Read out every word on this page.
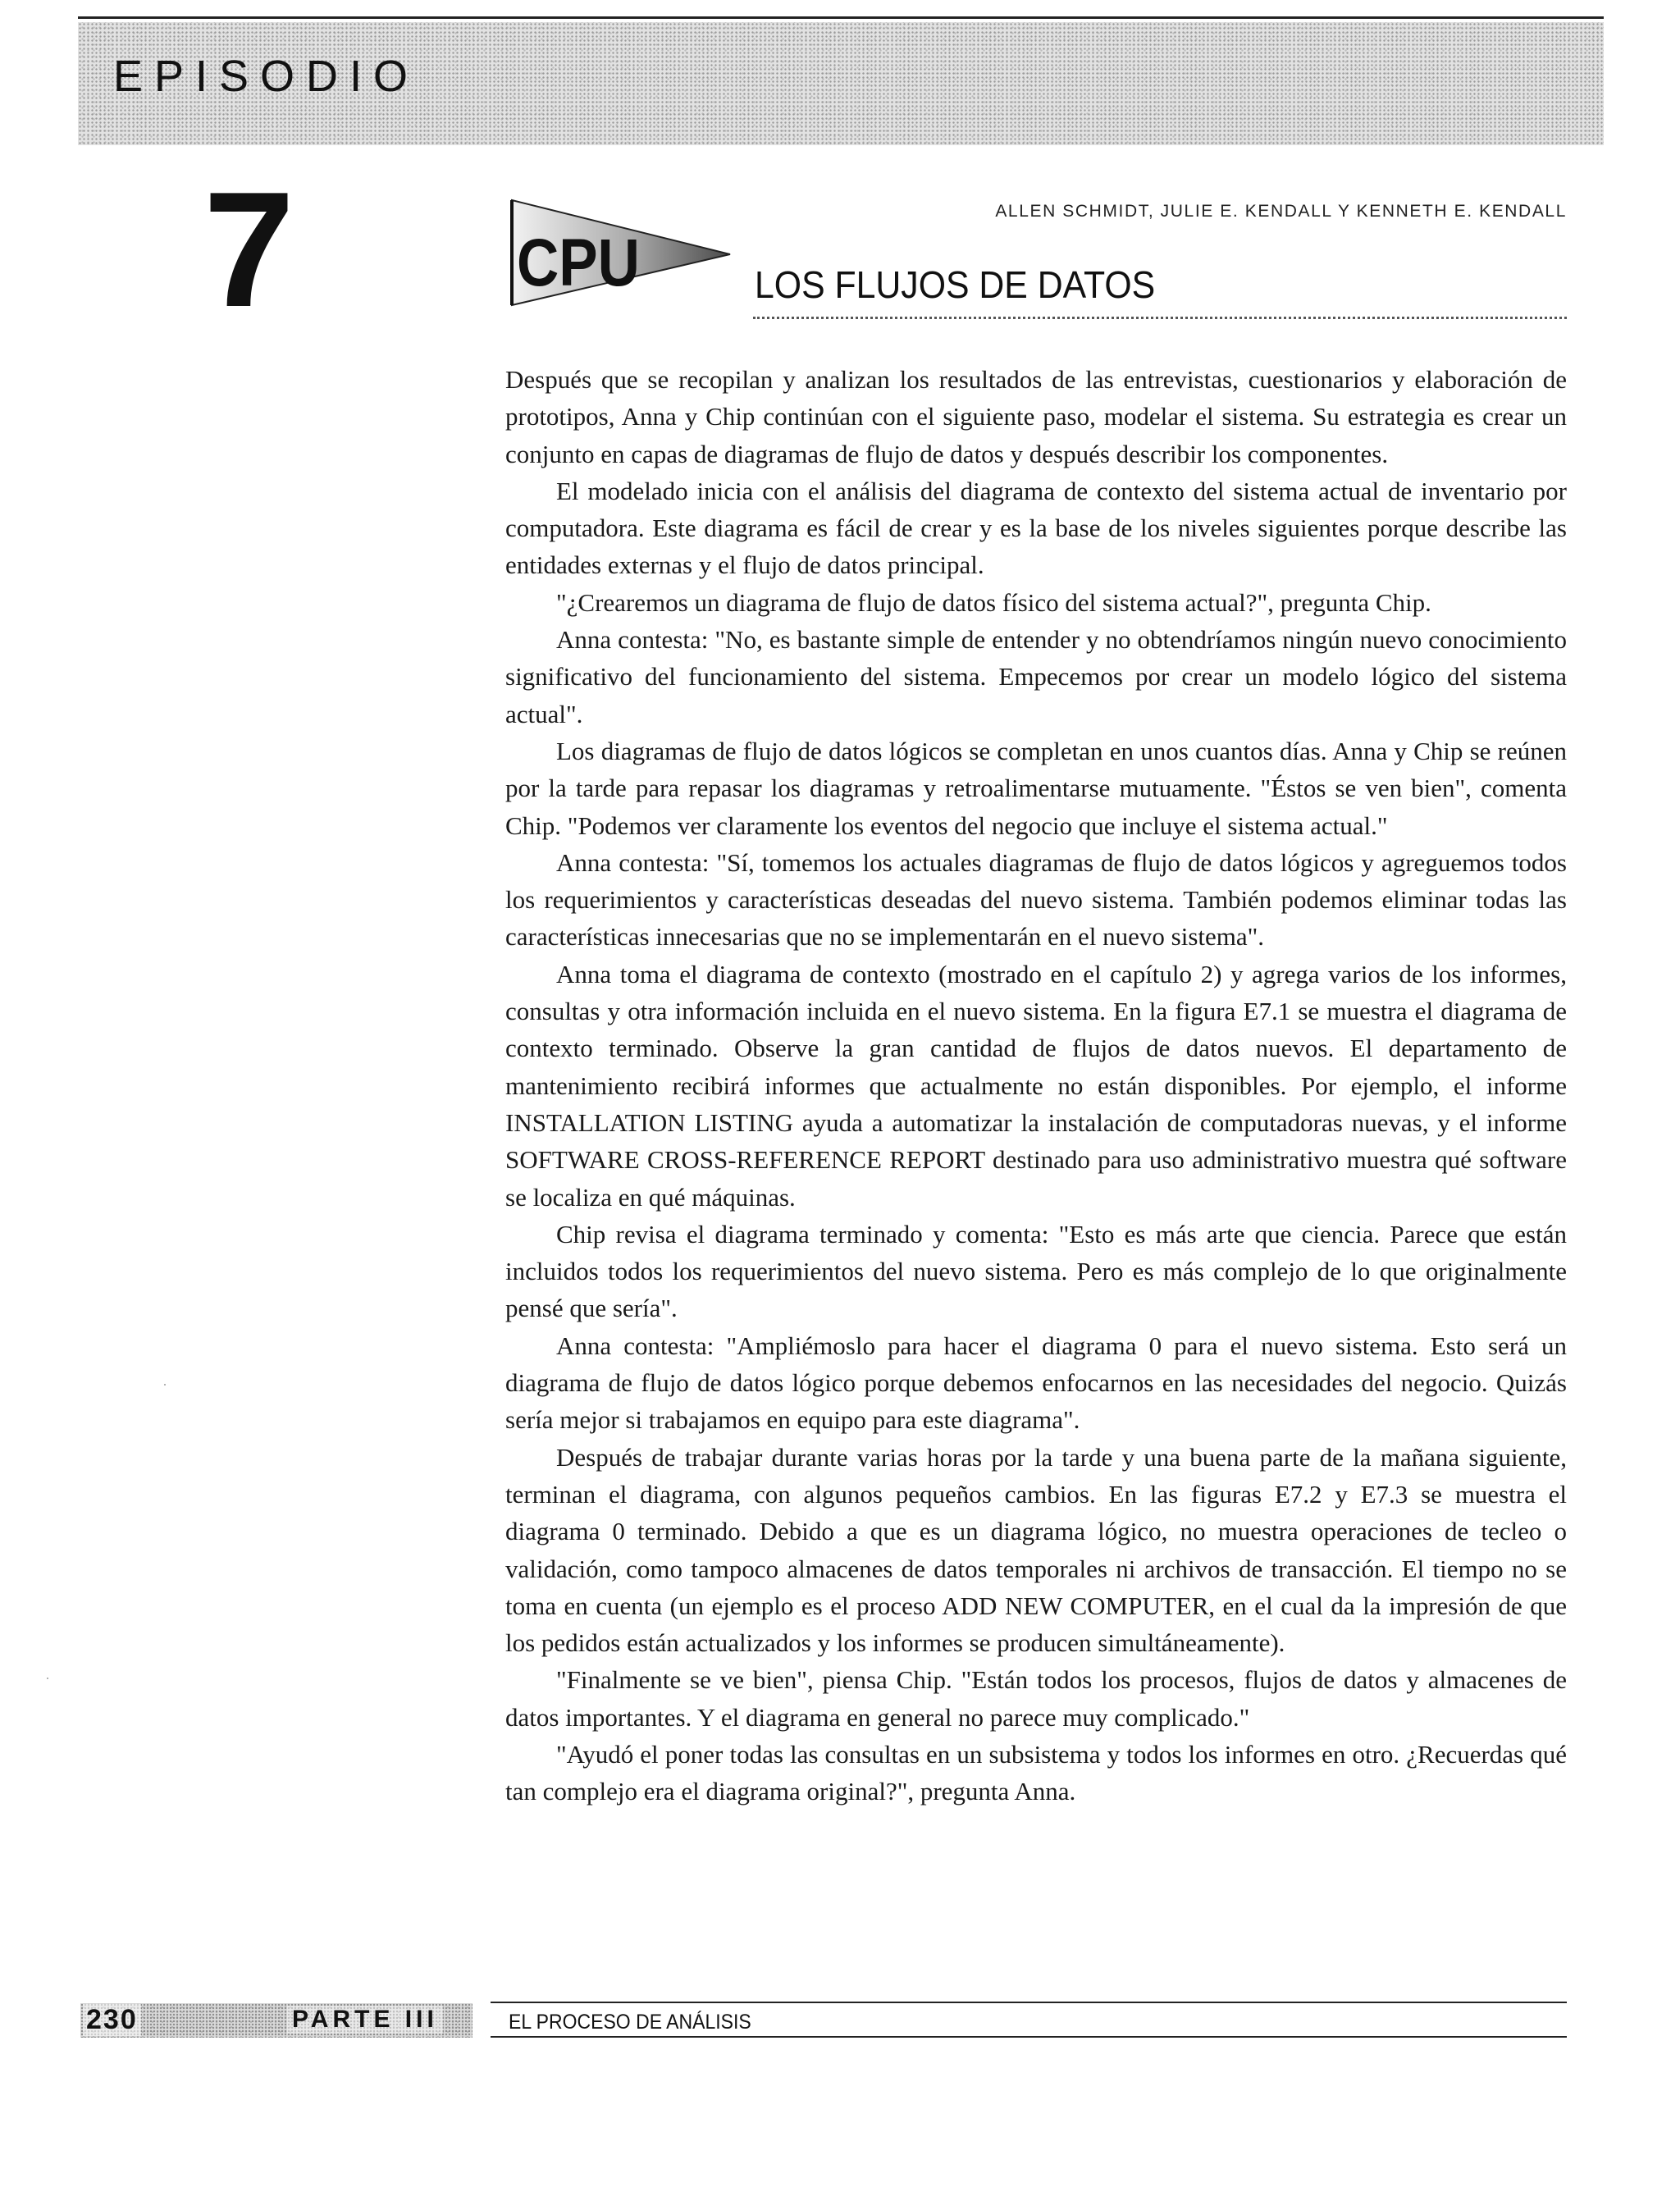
EPISODIO
7	CPU

ALLEN SCHMIDT, JULIE E. KENDALL Y KENNETH E. KENDALL

LOS FLUJOS DE DATOS

Después que se recopilan y analizan los resultados de las entrevistas, cuestionarios y elaboración de prototipos, Anna y Chip continúan con el siguiente paso, modelar el sistema. Su estrategia es crear un conjunto en capas de diagramas de flujo de datos y después describir los componentes.

El modelado inicia con el análisis del diagrama de contexto del sistema actual de inventario por computadora. Este diagrama es fácil de crear y es la base de los niveles siguientes porque describe las entidades externas y el flujo de datos principal.

"¿Crearemos un diagrama de flujo de datos físico del sistema actual?", pregunta Chip.

Anna contesta: "No, es bastante simple de entender y no obtendríamos ningún nuevo conocimiento significativo del funcionamiento del sistema. Empecemos por crear un modelo lógico del sistema actual".

Los diagramas de flujo de datos lógicos se completan en unos cuantos días. Anna y Chip se reúnen por la tarde para repasar los diagramas y retroalimentarse mutuamente. "Éstos se ven bien", comenta Chip. "Podemos ver claramente los eventos del negocio que incluye el sistema actual."

Anna contesta: "Sí, tomemos los actuales diagramas de flujo de datos lógicos y agreguemos todos los requerimientos y características deseadas del nuevo sistema. También podemos eliminar todas las características innecesarias que no se implementarán en el nuevo sistema".

Anna toma el diagrama de contexto (mostrado en el capítulo 2) y agrega varios de los informes, consultas y otra información incluida en el nuevo sistema. En la figura E7.1 se muestra el diagrama de contexto terminado. Observe la gran cantidad de flujos de datos nuevos. El departamento de mantenimiento recibirá informes que actualmente no están disponibles. Por ejemplo, el informe INSTALLATION LISTING ayuda a automatizar la instalación de computadoras nuevas, y el informe SOFTWARE CROSS-REFERENCE REPORT destinado para uso administrativo muestra qué software se localiza en qué máquinas.

Chip revisa el diagrama terminado y comenta: "Esto es más arte que ciencia. Parece que están incluidos todos los requerimientos del nuevo sistema. Pero es más complejo de lo que originalmente pensé que sería".

Anna contesta: "Ampliémoslo para hacer el diagrama 0 para el nuevo sistema. Esto será un diagrama de flujo de datos lógico porque debemos enfocarnos en las necesidades del negocio. Quizás sería mejor si trabajamos en equipo para este diagrama".

Después de trabajar durante varias horas por la tarde y una buena parte de la mañana siguiente, terminan el diagrama, con algunos pequeños cambios. En las figuras E7.2 y E7.3 se muestra el diagrama 0 terminado. Debido a que es un diagrama lógico, no muestra operaciones de tecleo o validación, como tampoco almacenes de datos temporales ni archivos de transacción. El tiempo no se toma en cuenta (un ejemplo es el proceso ADD NEW COMPUTER, en el cual da la impresión de que los pedidos están actualizados y los informes se producen simultáneamente).

"Finalmente se ve bien", piensa Chip. "Están todos los procesos, flujos de datos y almacenes de datos importantes. Y el diagrama en general no parece muy complicado."

"Ayudó el poner todas las consultas en un subsistema y todos los informes en otro. ¿Recuerdas qué tan complejo era el diagrama original?", pregunta Anna.

230	PARTE III	EL PROCESO DE ANÁLISIS
